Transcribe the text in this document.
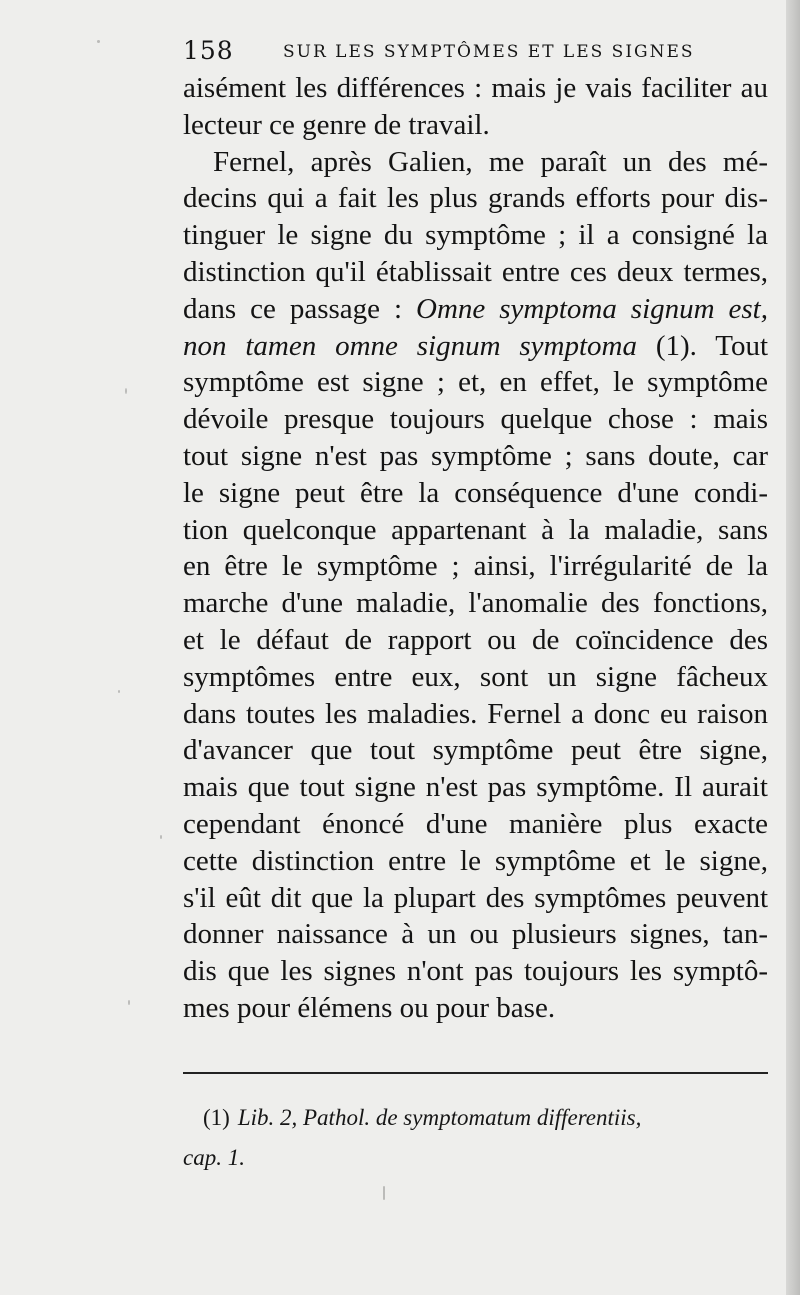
158	SUR LES SYMPTÔMES ET LES SIGNES
aisément les différences : mais je vais faciliter au
lecteur ce genre de travail.
Fernel, après Galien, me paraît un des mé-
decins qui a fait les plus grands efforts pour dis-
tinguer le signe du symptôme ; il a consigné la
distinction qu'il établissait entre ces deux termes,
dans ce passage : Omne symptoma signum est,
non tamen omne signum symptoma (1). Tout
symptôme est signe ; et, en effet, le symptôme
dévoile presque toujours quelque chose : mais
tout signe n'est pas symptôme ; sans doute, car
le signe peut être la conséquence d'une condi-
tion quelconque appartenant à la maladie, sans
en être le symptôme ; ainsi, l'irrégularité de la
marche d'une maladie, l'anomalie des fonctions,
et le défaut de rapport ou de coïncidence des
symptômes entre eux, sont un signe fâcheux
dans toutes les maladies. Fernel a donc eu raison
d'avancer que tout symptôme peut être signe,
mais que tout signe n'est pas symptôme. Il aurait
cependant énoncé d'une manière plus exacte
cette distinction entre le symptôme et le signe,
s'il eût dit que la plupart des symptômes peuvent
donner naissance à un ou plusieurs signes, tan-
dis que les signes n'ont pas toujours les symptô-
mes pour élémens ou pour base.
(1) Lib. 2, Pathol. de symptomatum differentiis,
cap. 1.
